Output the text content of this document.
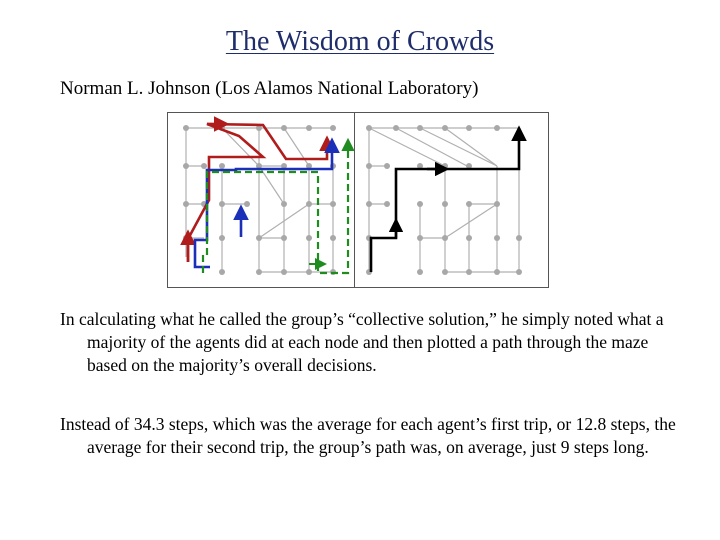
The Wisdom of Crowds
Norman L. Johnson (Los Alamos National Laboratory)

In calculating what he called the group’s “collective solution,” he simply noted what a majority of the agents did at each node and then plotted a path through the maze based on the majority’s overall decisions.

Instead of 34.3 steps, which was the average for each agent’s first trip, or 12.8 steps, the average for their second trip, the group’s path was, on average, just 9 steps long.
